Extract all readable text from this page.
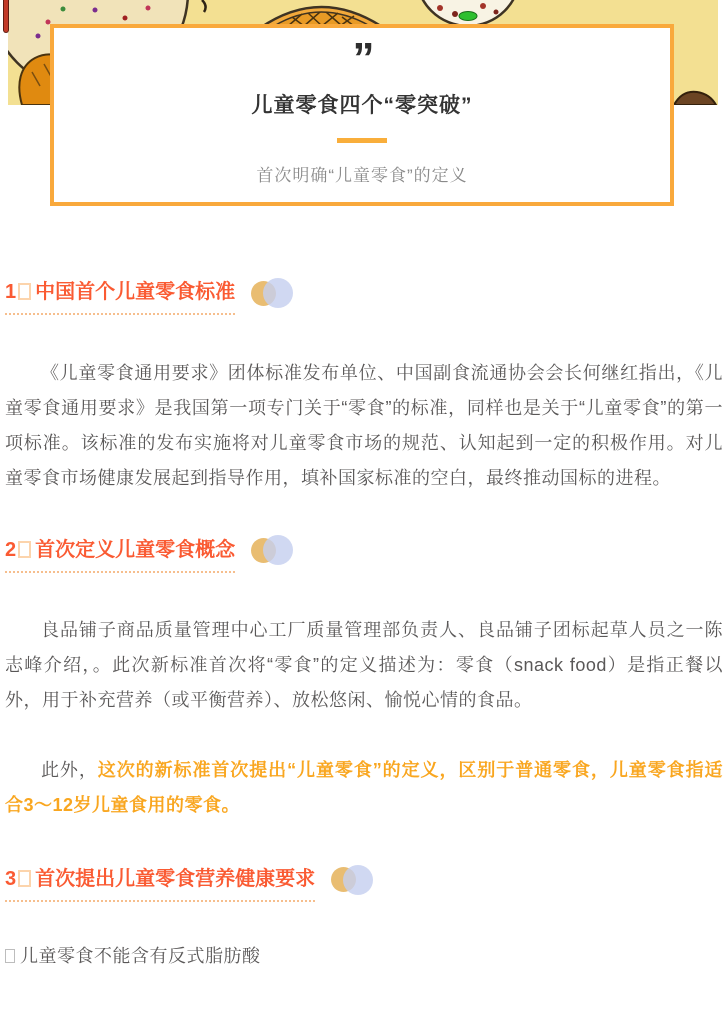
”
儿童零食四个“零突破”
首次明确“儿童零食”的定义
1 中国首个儿童零食标准

《儿童零食通用要求》团体标准发布单位、中国副食流通协会会长何继红指出，《儿童零食通用要求》是我国第一项专门关于“零食”的标准，同样也是关于“儿童零食”的第一项标准。该标准的发布实施将对儿童零食市场的规范、认知起到一定的积极作用。对儿童零食市场健康发展起到指导作用，填补国家标准的空白，最终推动国标的进程。

2 首次定义儿童零食概念

良品铺子商品质量管理中心工厂质量管理部负责人、良品铺子团标起草人员之一陈志峰介绍，。此次新标准首次将“零食”的定义描述为：零食（snack food）是指正餐以外，用于补充营养（或平衡营养）、放松悠闲、愉悦心情的食品。

此外，这次的新标准首次提出“儿童零食”的定义，区别于普通零食，儿童零食指适合3～12岁儿童食用的零食。

3 首次提出儿童零食营养健康要求

儿童零食不能含有反式脂肪酸
